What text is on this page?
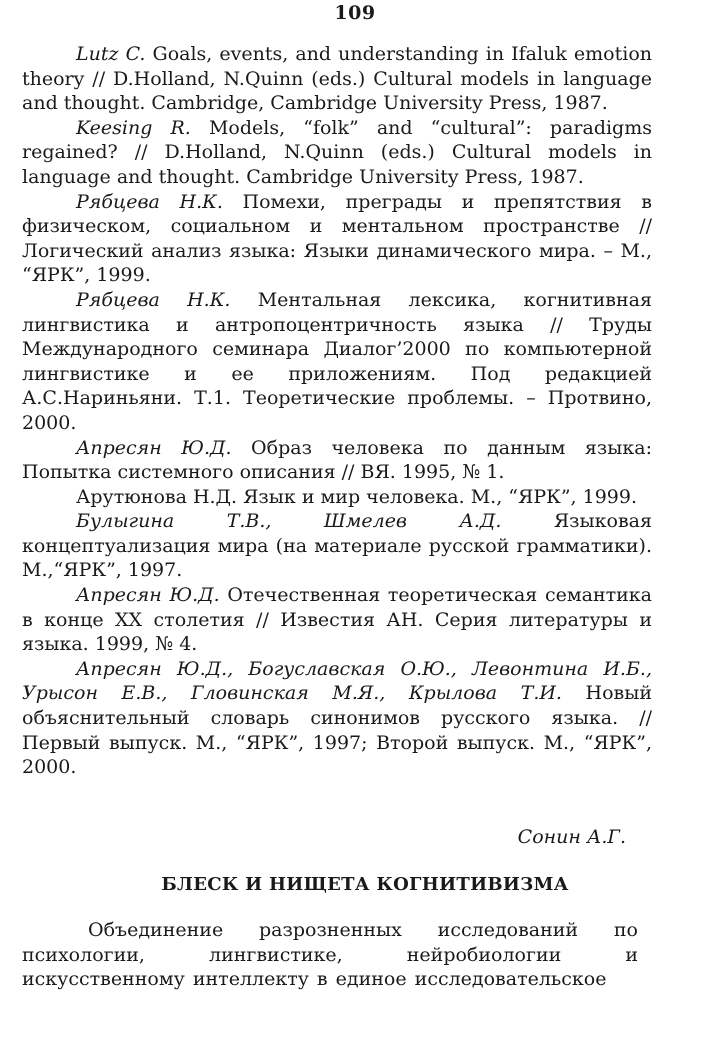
109

Lutz C. Goals, events, and understanding in Ifaluk emotion theory // D.Holland, N.Quinn (eds.) Cultural models in language and thought. Cambridge, Cambridge University Press, 1987.

Keesing R. Models, “folk” and “cultural”: paradigms regained? // D.Holland, N.Quinn (eds.) Cultural models in language and thought. Cambridge University Press, 1987.

Рябцева Н.К. Помехи, преграды и препятствия в физическом, социальном и ментальном пространстве // Логический анализ языка: Языки динамического мира. – М., “ЯРК”, 1999.

Рябцева Н.К. Ментальная лексика, когнитивная лингвистика и антропоцентричность языка // Труды Международного семинара Диалог’2000 по компьютерной лингвистике и ее приложениям. Под редакцией А.С.Нариньяни. Т.1. Теоретические проблемы. – Протвино, 2000.

Апресян Ю.Д. Образ человека по данным языка: Попытка системного описания // ВЯ. 1995, № 1.

Арутюнова Н.Д. Язык и мир человека. М., “ЯРК”, 1999.

Булыгина Т.В., Шмелев А.Д. Языковая концептуализация мира (на материале русской грамматики). М.,“ЯРК”, 1997.

Апресян Ю.Д. Отечественная теоретическая семантика в конце XX столетия // Известия АН. Серия литературы и языка. 1999, № 4.

Апресян Ю.Д., Богуславская О.Ю., Левонтина И.Б., Урысон Е.В., Гловинская М.Я., Крылова Т.И. Новый объяснительный словарь синонимов русского языка. // Первый выпуск. М., “ЯРК”, 1997; Второй выпуск. М., “ЯРК”, 2000.

Сонин А.Г.
БЛЕСК И НИЩЕТА КОГНИТИВИЗМА

Объединение разрозненных исследований по психологии, лингвистике, нейробиологии и искусственному интеллекту в единое исследовательское
